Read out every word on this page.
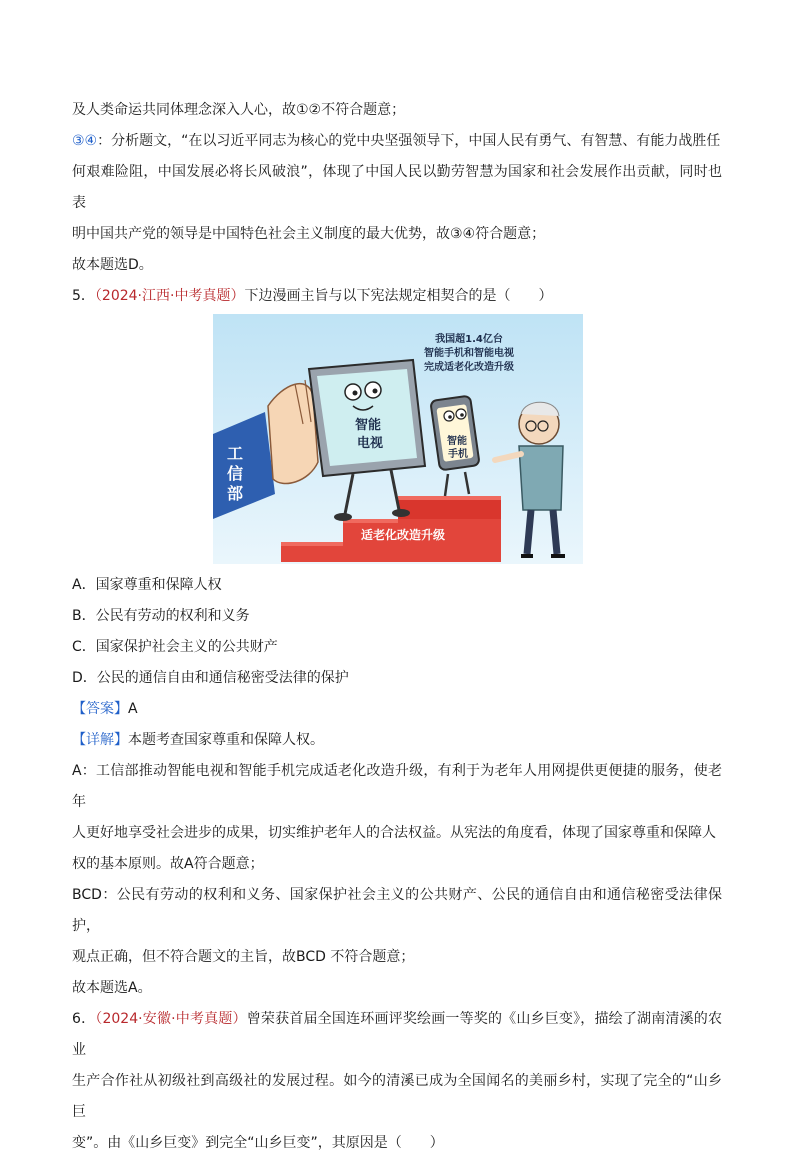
及人类命运共同体理念深入人心，故①②不符合题意；

③④：分析题文，“在以习近平同志为核心的党中央坚强领导下，中国人民有勇气、有智慧、有能力战胜任

何艰难险阻，中国发展必将长风破浪”，体现了中国人民以勤劳智慧为国家和社会发展作出贡献，同时也表

明中国共产党的领导是中国特色社会主义制度的最大优势，故③④符合题意；

故本题选D。

5．（2024·江西·中考真题）下边漫画主旨与以下宪法规定相契合的是（　　）

我国超1.4亿台
智能手机和智能电视
完成适老化改造升级
适老化改造升级
工
信
部
智能
电视	智能
手机

A．国家尊重和保障人权

B．公民有劳动的权利和义务

C．国家保护社会主义的公共财产

D．公民的通信自由和通信秘密受法律的保护

【答案】A

【详解】本题考查国家尊重和保障人权。

A：工信部推动智能电视和智能手机完成适老化改造升级，有利于为老年人用网提供更便捷的服务，使老年

人更好地享受社会进步的成果，切实维护老年人的合法权益。从宪法的角度看，体现了国家尊重和保障人

权的基本原则。故A符合题意；

BCD：公民有劳动的权利和义务、国家保护社会主义的公共财产、公民的通信自由和通信秘密受法律保护，

观点正确，但不符合题文的主旨，故BCD 不符合题意；

故本题选A。

6．（2024·安徽·中考真题）曾荣获首届全国连环画评奖绘画一等奖的《山乡巨变》，描绘了湖南清溪的农业

生产合作社从初级社到高级社的发展过程。如今的清溪已成为全国闻名的美丽乡村，实现了完全的“山乡巨

变”。由《山乡巨变》到完全“山乡巨变”，其原因是（　　）
